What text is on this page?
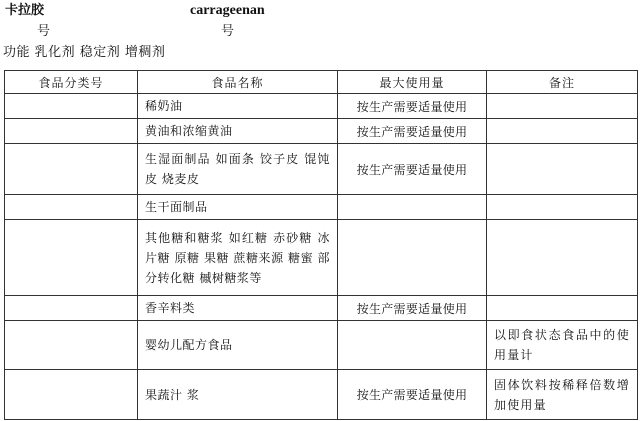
卡拉胶	carrageenan
号	号
功能 乳化剂 稳定剂 增稠剂
食品分类号	食品名称	最大使用量	备注
	稀奶油	按生产需要适量使用	
	黄油和浓缩黄油	按生产需要适量使用	
	生湿面制品 如面条 饺子皮 馄饨皮 烧麦皮	按生产需要适量使用	
	生干面制品		
	其他糖和糖浆 如红糖 赤砂糖 冰片糖 原糖 果糖 蔗糖来源 糖蜜 部分转化糖 槭树糖浆等		
	香辛料类	按生产需要适量使用	
	婴幼儿配方食品		以即食状态食品中的使用量计
	果蔬汁 浆	按生产需要适量使用	固体饮料按稀释倍数增加使用量
